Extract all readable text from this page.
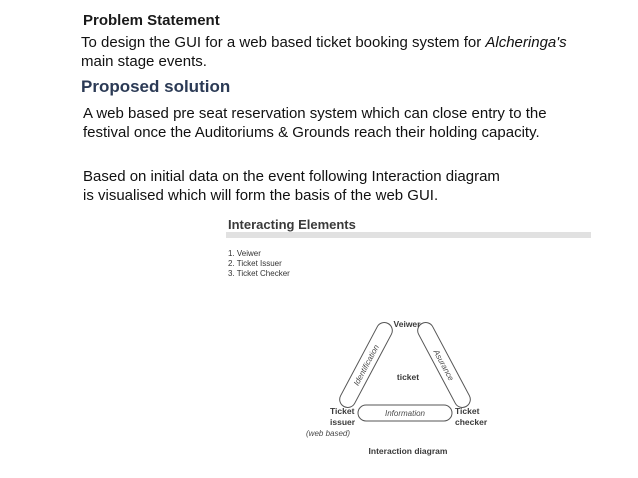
Problem Statement

To design the GUI for a web based ticket booking system for Alcheringa's
main stage events.

Proposed solution

A web based pre seat reservation system which can close entry to the
festival once the Auditoriums & Grounds reach their holding capacity.

Based on initial data on the event following Interaction diagram
is visualised which will form the basis of the web GUI.

Interacting Elements

1. Veiwer
2. Ticket Issuer
3. Ticket Checker

Identification	Asurance
Information
Veiwer
Ticket
issuer
(web based)
Ticket
checker
ticket
Interaction diagram
